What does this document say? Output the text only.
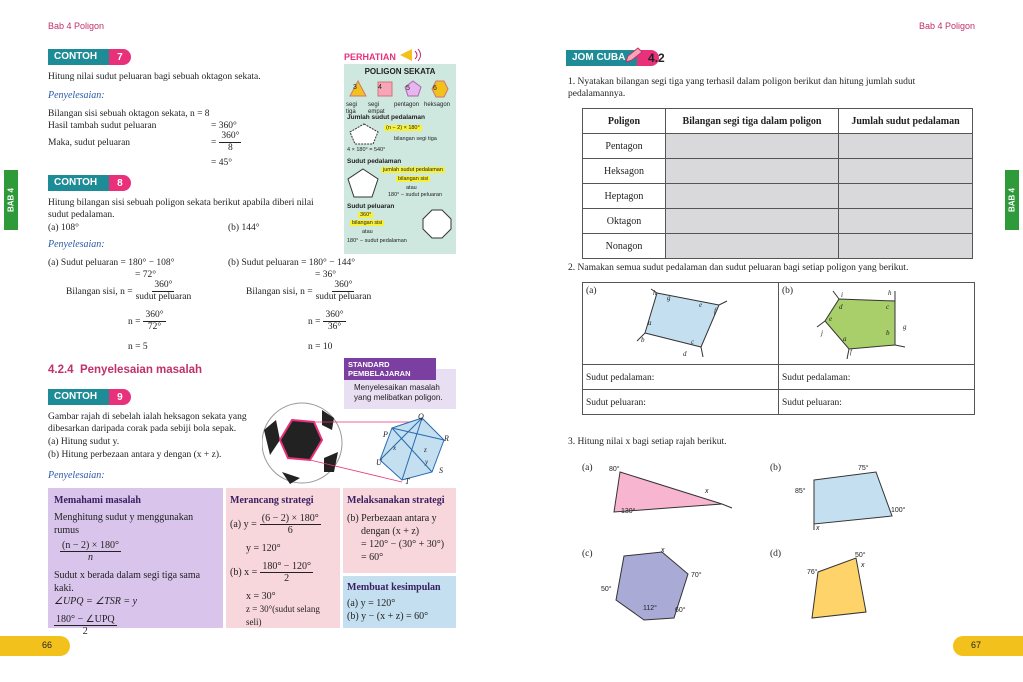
Bab 4 Poligon	Bab 4 Poligon
BAB 4	BAB 4
CONTOH	7
Hitung nilai sudut peluaran bagi sebuah oktagon sekata.
Penyelesaian:
Bilangan sisi sebuah oktagon sekata, n = 8
Hasil tambah sudut peluaran	= 360°
Maka, sudut peluaran	= $\frac{360^\circ}{8}$
= 45°
CONTOH	8
Hitung bilangan sisi sebuah poligon sekata berikut apabila diberi nilai sudut pedalaman.
(a) 108°	(b) 144°
Penyelesaian:
(a) Sudut peluaran = 180° − 108°
= 72°
Bilangan sisi, $n = \frac{360^\circ}{\text{sudut peluaran}}$
$n = \frac{360^\circ}{72^\circ}$
n = 5
(b) Sudut peluaran = 180° − 144°
= 36°
Bilangan sisi, $n = \frac{360^\circ}{\text{sudut peluaran}}$
$n = \frac{360^\circ}{36^\circ}$
n = 10
PERHATIAN
POLIGON SEKATA
3	4	5	6
segi tiga
segi empat
pentagon heksagon
Jumlah sudut pedalaman
(n − 2) × 180°
bilangan segi tiga
4 × 180° = 540°
Sudut pedalaman
jumlah sudut pedalaman
bilangan sisi
atau
180° − sudut peluaran
Sudut peluaran
360°
bilangan sisi
atau
180° − sudut pedalaman
4.2.4 Penyelesaian masalah	STANDARD PEMBELAJARAN
Menyelesaikan masalah yang melibatkan poligon.
CONTOH	9
Gambar rajah di sebelah ialah heksagon sekata yang dibesarkan daripada corak pada sebiji bola sepak.
(a) Hitung sudut y.
(b) Hitung perbezaan antara y dengan (x + z).
Penyelesaian:
Q
R
S
T
U
P
x
y
z
Memahami masalah
Menghitung sudut y menggunakan rumus
$\frac{(n - 2) \times 180^\circ}{n}$
Sudut x berada dalam segi tiga sama kaki.
∠UPQ = ∠TSR = y
$\frac{\text{180° − ∠UPQ}}{2}$
Merancang strategi
(a) $y = \frac{(6 - 2) \times 180^\circ}{6}$
y = 120°
(b) $x = \frac{180^\circ - 120^\circ}{2}$
x = 30°
z = 30°(sudut selang seli)
Melaksanakan strategi
(b) Perbezaan antara y
dengan (x + z)
= 120° − (30° + 30°)
= 60°
Membuat kesimpulan
(a) y = 120°
(b) y − (x + z) = 60°
66
JOM CUBA	4.2
1. Nyatakan bilangan segi tiga yang terhasil dalam poligon berikut dan hitung jumlah sudut pedalamannya.
Poligon	Bilangan segi tiga dalam poligon	Jumlah sudut pedalaman
Pentagon		
Heksagon		
Heptagon		
Oktagon		
Nonagon		
2. Namakan semua sudut pedalaman dan sudut peluaran bagi setiap poligon yang berikut.
(a)	(b)
h
g
e
f
a
b	c
d
i	h
d	c
e
j
g
a
b
f
Sudut pedalaman:	Sudut pedalaman:
Sudut peluaran:	Sudut peluaran:
3. Hitung nilai x bagi setiap rajah berikut.
(a) 80°
x
130°
(b)	75°
85°
100°
x
(c)	x
70°
50°
112°	60°
(d)	50°
x
76°
67
